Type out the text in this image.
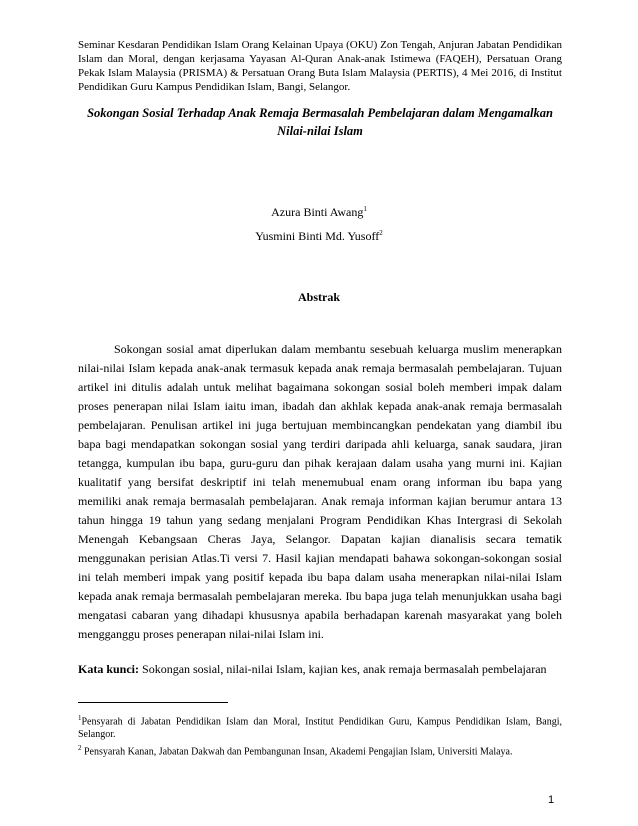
Seminar Kesdaran Pendidikan Islam Orang Kelainan Upaya (OKU) Zon Tengah, Anjuran Jabatan Pendidikan Islam dan Moral, dengan kerjasama Yayasan Al-Quran Anak-anak Istimewa (FAQEH), Persatuan Orang Pekak Islam Malaysia (PRISMA) & Persatuan Orang Buta Islam Malaysia (PERTIS), 4 Mei 2016, di Institut Pendidikan Guru Kampus Pendidikan Islam, Bangi, Selangor.
Sokongan Sosial Terhadap Anak Remaja Bermasalah Pembelajaran dalam Mengamalkan Nilai-nilai Islam
Azura Binti Awang$^1$
Yusmini Binti Md. Yusoff$^2$
Abstrak

Sokongan sosial amat diperlukan dalam membantu sesebuah keluarga muslim menerapkan nilai-nilai Islam kepada anak-anak termasuk kepada anak remaja bermasalah pembelajaran. Tujuan artikel ini ditulis adalah untuk melihat bagaimana sokongan sosial boleh memberi impak dalam proses penerapan nilai Islam iaitu iman, ibadah dan akhlak kepada anak-anak remaja bermasalah pembelajaran. Penulisan artikel ini juga bertujuan membincangkan pendekatan yang diambil ibu bapa bagi mendapatkan sokongan sosial yang terdiri daripada ahli keluarga, sanak saudara, jiran tetangga, kumpulan ibu bapa, guru-guru dan pihak kerajaan dalam usaha yang murni ini. Kajian kualitatif yang bersifat deskriptif ini telah menemubual enam orang informan ibu bapa yang memiliki anak remaja bermasalah pembelajaran. Anak remaja informan kajian berumur antara 13 tahun hingga 19 tahun yang sedang menjalani Program Pendidikan Khas Intergrasi di Sekolah Menengah Kebangsaan Cheras Jaya, Selangor. Dapatan kajian dianalisis secara tematik menggunakan perisian Atlas.Ti versi 7. Hasil kajian mendapati bahawa sokongan-sokongan sosial ini telah memberi impak yang positif kepada ibu bapa dalam usaha menerapkan nilai-nilai Islam kepada anak remaja bermasalah pembelajaran mereka. Ibu bapa juga telah menunjukkan usaha bagi mengatasi cabaran yang dihadapi khususnya apabila berhadapan karenah masyarakat yang boleh mengganggu proses penerapan nilai-nilai Islam ini.

Kata kunci: Sokongan sosial, nilai-nilai Islam, kajian kes, anak remaja bermasalah pembelajaran

$^1$Pensyarah di Jabatan Pendidikan Islam dan Moral, Institut Pendidikan Guru, Kampus Pendidikan Islam, Bangi, Selangor.

$^2$ Pensyarah Kanan, Jabatan Dakwah dan Pembangunan Insan, Akademi Pengajian Islam, Universiti Malaya.

1
